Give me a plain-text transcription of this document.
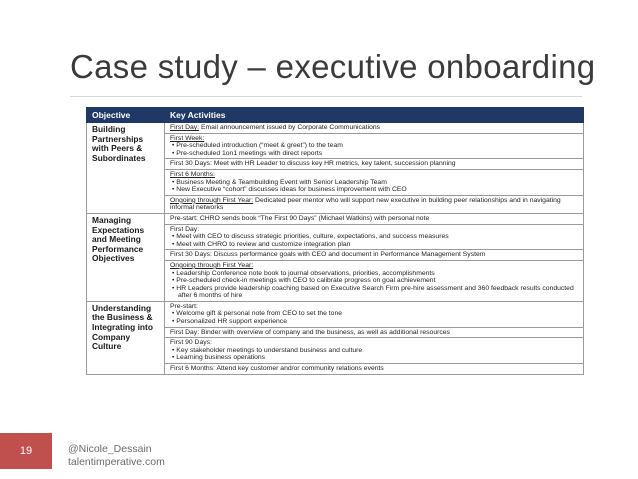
Case study – executive onboarding
Objective	Key Activities
Building Partnerships with Peers & Subordinates	First Day: Email announcement issued by Corporate Communications

	First Week:
• Pre-scheduled introduction (“meet & greet”) to the team
• Pre-scheduled 1on1 meetings with direct reports

	First 30 Days: Meet with HR Leader to discuss key HR metrics, key talent, succession planning

	First 6 Months:
• Business Meeting & Teambuilding Event with Senior Leadership Team
• New Executive “cohort” discusses ideas for business improvement with CEO

	Ongoing through First Year: Dedicated peer mentor who will support new executive in building peer relationships and in navigating informal networks

Managing Expectations and Meeting Performance Objectives	Pre-start: CHRO sends book “The First 90 Days” (Michael Watkins) with personal note

	First Day:
• Meet with CEO to discuss strategic priorities, culture, expectations, and success measures
• Meet with CHRO to review and customize integration plan

	First 30 Days: Discuss performance goals with CEO and document in Performance Management System

	Ongoing through First Year:
• Leadership Conference note book to journal observations, priorities, accomplishments
• Pre-scheduled check-in meetings with CEO to calibrate progress on goal achievement
• HR Leaders provide leadership coaching based on Executive Search Firm pre-hire assessment and 360 feedback results conducted after 6 months of hire

Understanding the Business & Integrating into Company Culture	Pre-start:
• Welcome gift & personal note from CEO to set the tone
• Personalized HR support experience

	First Day: Binder with overview of company and the business, as well as additional resources

	First 90 Days:
• Key stakeholder meetings to understand business and culture
• Learning business operations

	First 6 Months: Attend key customer and/or community relations events
19	@Nicole_Dessain
talentimperative.com
